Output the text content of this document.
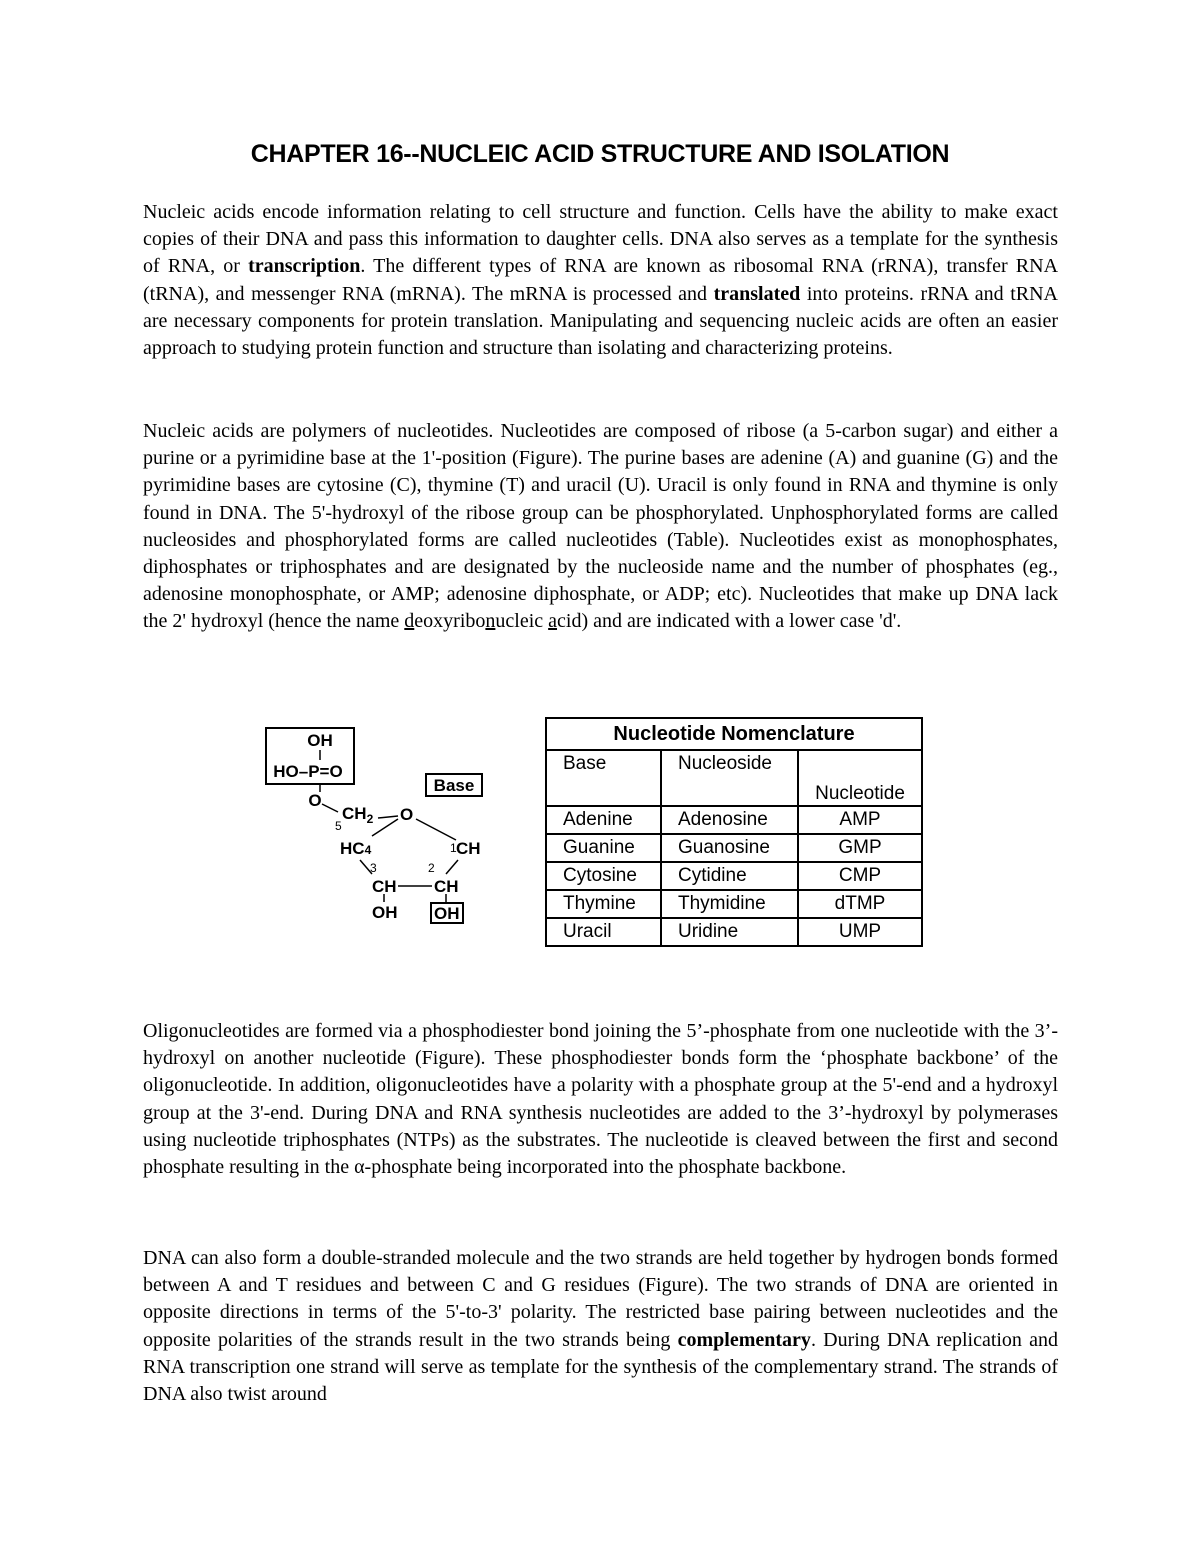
CHAPTER 16--NUCLEIC ACID STRUCTURE AND ISOLATION

Nucleic acids encode information relating to cell structure and function. Cells have the ability to make exact copies of their DNA and pass this information to daughter cells. DNA also serves as a template for the synthesis of RNA, or transcription. The different types of RNA are known as ribosomal RNA (rRNA), transfer RNA (tRNA), and messenger RNA (mRNA). The mRNA is processed and translated into proteins. rRNA and tRNA are necessary components for protein translation. Manipulating and sequencing nucleic acids are often an easier approach to studying protein function and structure than isolating and characterizing proteins.

Nucleic acids are polymers of nucleotides. Nucleotides are composed of ribose (a 5-carbon sugar) and either a purine or a pyrimidine base at the 1'-position (Figure). The purine bases are adenine (A) and guanine (G) and the pyrimidine bases are cytosine (C), thymine (T) and uracil (U). Uracil is only found in RNA and thymine is only found in DNA. The 5'-hydroxyl of the ribose group can be phosphorylated. Unphosphorylated forms are called nucleosides and phosphorylated forms are called nucleotides (Table). Nucleotides exist as monophosphates, diphosphates or triphosphates and are designated by the nucleoside name and the number of phosphates (eg., adenosine monophosphate, or AMP; adenosine diphosphate, or ADP; etc). Nucleotides that make up DNA lack the 2' hydroxyl (hence the name deoxyribonucleic acid) and are indicated with a lower case 'd'.

OH
HO–P=O
O
$CH_2$
5
O
Base
HC4	1 CH
3	2
CH CH
OH OH
Nucleotide Nomenclature		
Base	Nucleoside	Nucleotide
Adenine	Adenosine	AMP
Guanine	Guanosine	GMP
Cytosine	Cytidine	CMP
Thymine	Thymidine	dTMP
Uracil	Uridine	UMP

Oligonucleotides are formed via a phosphodiester bond joining the 5’-phosphate from one nucleotide with the 3’-hydroxyl on another nucleotide (Figure). These phosphodiester bonds form the ‘phosphate backbone’ of the oligonucleotide. In addition, oligonucleotides have a polarity with a phosphate group at the 5'-end and a hydroxyl group at the 3'-end. During DNA and RNA synthesis nucleotides are added to the 3’-hydroxyl by polymerases using nucleotide triphosphates (NTPs) as the substrates. The nucleotide is cleaved between the first and second phosphate resulting in the α-phosphate being incorporated into the phosphate backbone.

DNA can also form a double-stranded molecule and the two strands are held together by hydrogen bonds formed between A and T residues and between C and G residues (Figure). The two strands of DNA are oriented in opposite directions in terms of the 5'-to-3' polarity. The restricted base pairing between nucleotides and the opposite polarities of the strands result in the two strands being complementary. During DNA replication and RNA transcription one strand will serve as template for the synthesis of the complementary strand. The strands of DNA also twist around
